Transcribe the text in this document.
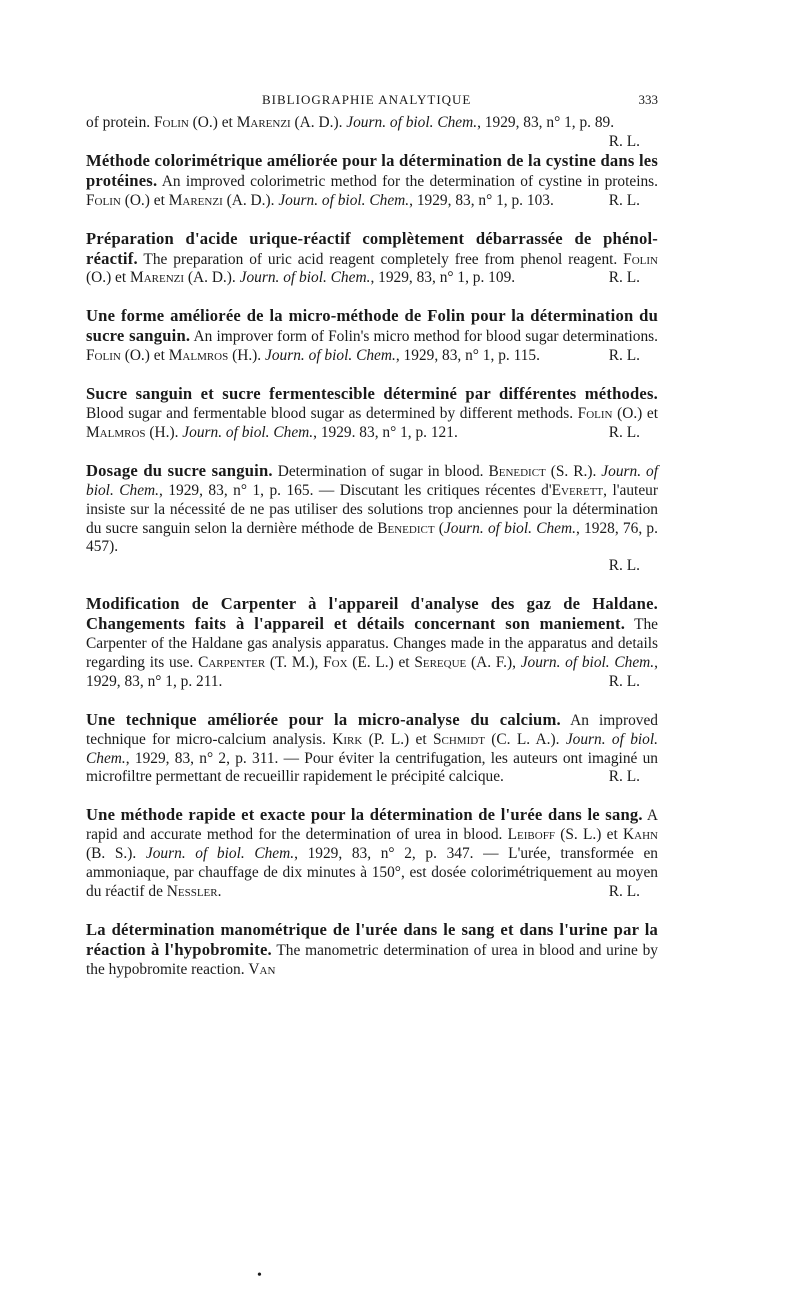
BIBLIOGRAPHIE ANALYTIQUE	333

of protein. Folin (O.) et Marenzi (A. D.). Journ. of biol. Chem., 1929, 83, n° 1, p. 89.
R. L.

Méthode colorimétrique améliorée pour la détermination de la cystine dans les protéines. An improved colorimetric method for the determination of cystine in proteins. Folin (O.) et Marenzi (A. D.). Journ. of biol. Chem., 1929, 83, n° 1, p. 103.	R. L.

Préparation d'acide urique-réactif complètement débarrassée de phénol-réactif. The preparation of uric acid reagent completely free from phenol reagent. Folin (O.) et Marenzi (A. D.). Journ. of biol. Chem., 1929, 83, n° 1, p. 109.	R. L.

Une forme améliorée de la micro-méthode de Folin pour la détermination du sucre sanguin. An improver form of Folin's micro method for blood sugar determinations. Folin (O.) et Malmros (H.). Journ. of biol. Chem., 1929, 83, n° 1, p. 115.	R. L.

Sucre sanguin et sucre fermentescible déterminé par différentes méthodes. Blood sugar and fermentable blood sugar as determined by different methods. Folin (O.) et Malmros (H.). Journ. of biol. Chem., 1929. 83, n° 1, p. 121.	R. L.

Dosage du sucre sanguin. Determination of sugar in blood. Benedict (S. R.). Journ. of biol. Chem., 1929, 83, n° 1, p. 165. — Discutant les critiques récentes d'Everett, l'auteur insiste sur la nécessité de ne pas utiliser des solutions trop anciennes pour la détermination du sucre sanguin selon la dernière méthode de Benedict (Journ. of biol. Chem., 1928, 76, p. 457).
R. L.

Modification de Carpenter à l'appareil d'analyse des gaz de Haldane. Changements faits à l'appareil et détails concernant son maniement. The Carpenter of the Haldane gas analysis apparatus. Changes made in the apparatus and details regarding its use. Carpenter (T. M.), Fox (E. L.) et Sereque (A. F.), Journ. of biol. Chem., 1929, 83, n° 1, p. 211.	R. L.

Une technique améliorée pour la micro-analyse du calcium. An improved technique for micro-calcium analysis. Kirk (P. L.) et Schmidt (C. L. A.). Journ. of biol. Chem., 1929, 83, n° 2, p. 311. — Pour éviter la centrifugation, les auteurs ont imaginé un microfiltre permettant de recueillir rapidement le précipité calcique.	R. L.

Une méthode rapide et exacte pour la détermination de l'urée dans le sang. A rapid and accurate method for the determination of urea in blood. Leiboff (S. L.) et Kahn (B. S.). Journ. of biol. Chem., 1929, 83, n° 2, p. 347. — L'urée, transformée en ammoniaque, par chauffage de dix minutes à 150°, est dosée colorimétriquement au moyen du réactif de Nessler.	R. L.

La détermination manométrique de l'urée dans le sang et dans l'urine par la réaction à l'hypobromite. The manometric determination of urea in blood and urine by the hypobromite reaction. Van

•
